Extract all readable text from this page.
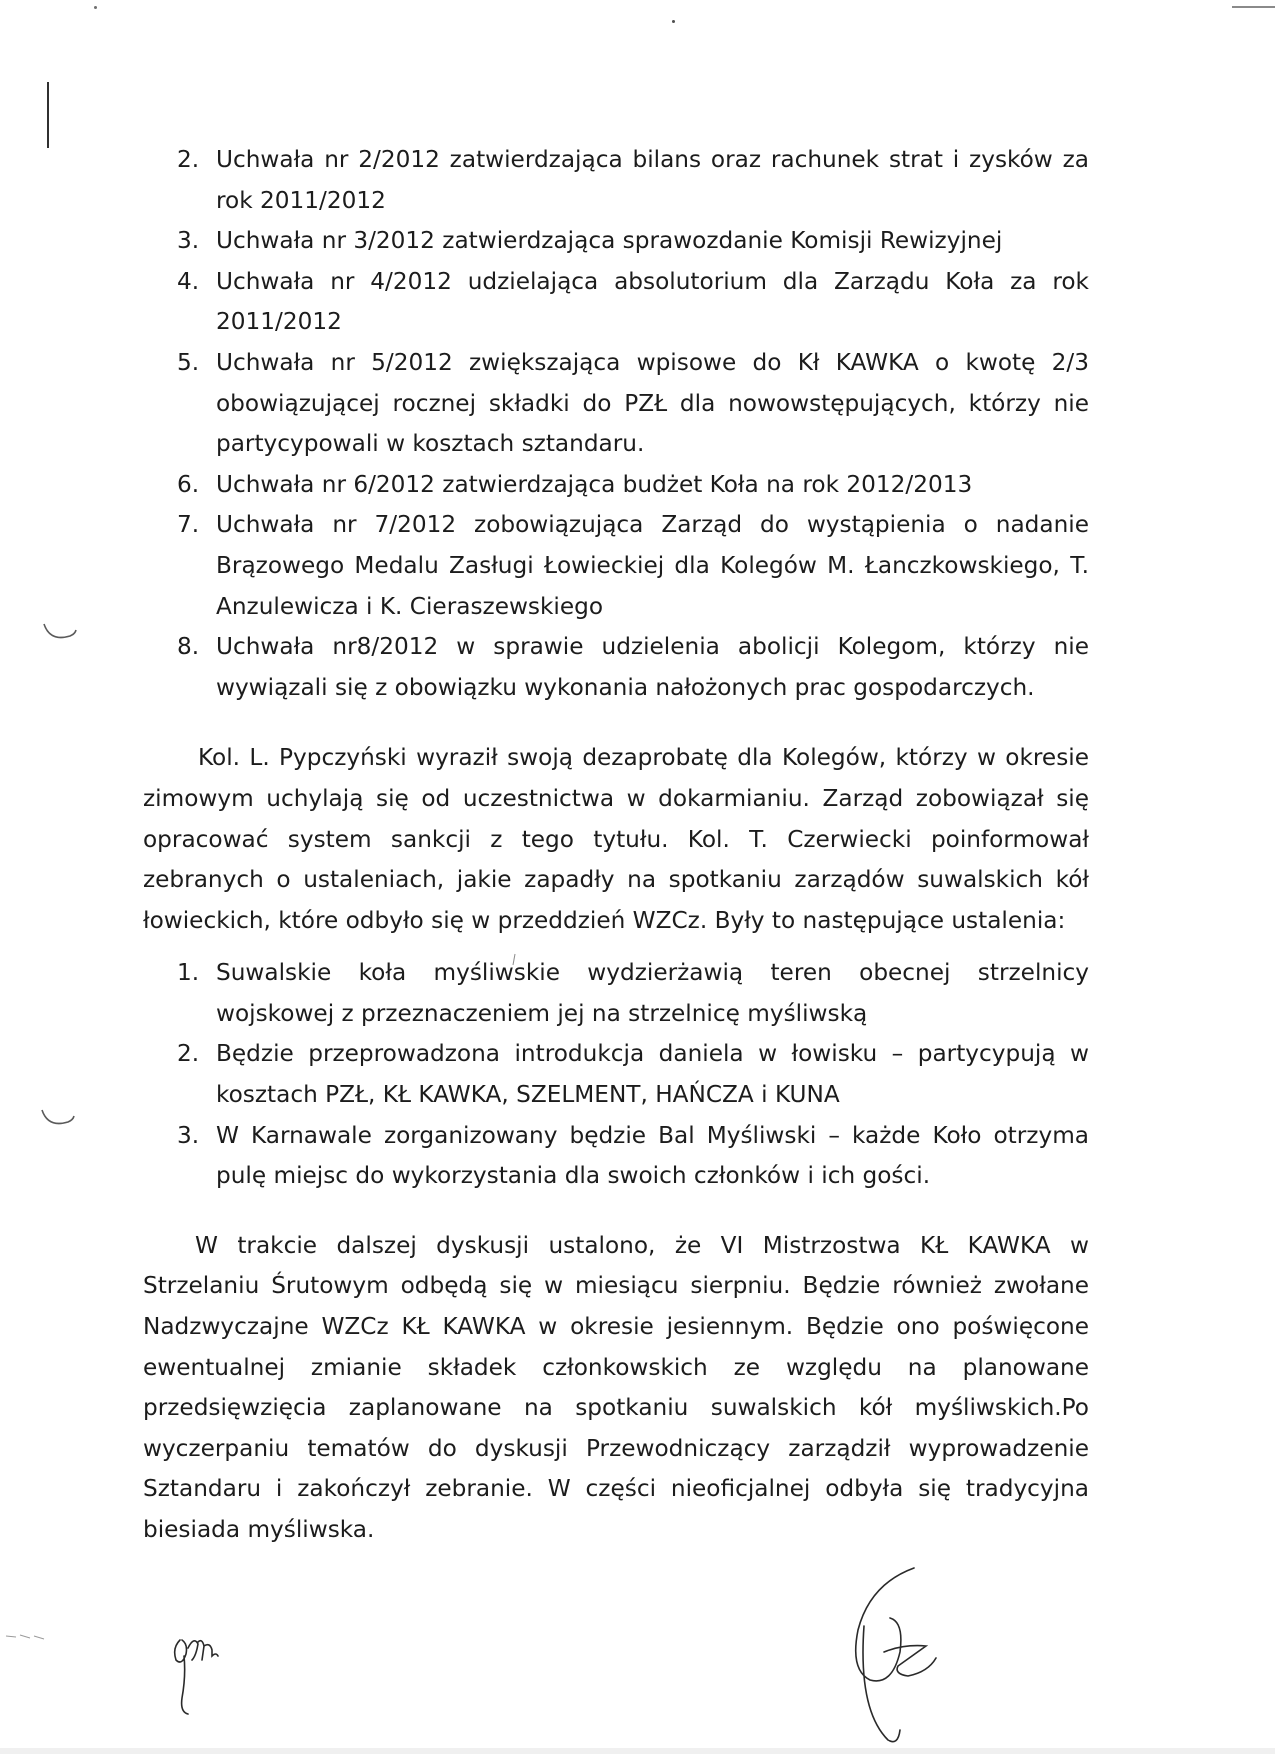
2. Uchwała nr 2/2012 zatwierdzająca bilans oraz rachunek strat i zysków za rok 2011/2012
3. Uchwała nr 3/2012 zatwierdzająca sprawozdanie Komisji Rewizyjnej
4. Uchwała nr 4/2012 udzielająca absolutorium dla Zarządu Koła za rok 2011/2012
5. Uchwała nr 5/2012 zwiększająca wpisowe do Kł KAWKA o kwotę 2/3 obowiązującej rocznej składki do PZŁ dla nowowstępujących, którzy nie partycypowali w kosztach sztandaru.
6. Uchwała nr 6/2012 zatwierdzająca budżet Koła na rok 2012/2013
7. Uchwała nr 7/2012 zobowiązująca Zarząd do wystąpienia o nadanie Brązowego Medalu Zasługi Łowieckiej dla Kolegów M. Łanczkowskiego, T. Anzulewicza i K. Cieraszewskiego
8. Uchwała nr8/2012 w sprawie udzielenia abolicji Kolegom, którzy nie wywiązali się z obowiązku wykonania nałożonych prac gospodarczych.

Kol. L. Pypczyński wyraził swoją dezaprobatę dla Kolegów, którzy w okresie zimowym uchylają się od uczestnictwa w dokarmianiu. Zarząd zobowiązał się opracować system sankcji z tego tytułu. Kol. T. Czerwiecki poinformował zebranych o ustaleniach, jakie zapadły na spotkaniu zarządów suwalskich kół łowieckich, które odbyło się w przeddzień WZCz. Były to następujące ustalenia:

1. Suwalskie koła myśliwskie wydzierżawią teren obecnej strzelnicy wojskowej z przeznaczeniem jej na strzelnicę myśliwską
2. Będzie przeprowadzona introdukcja daniela w łowisku – partycypują w kosztach PZŁ, KŁ KAWKA, SZELMENT, HAŃCZA i KUNA
3. W Karnawale zorganizowany będzie Bal Myśliwski – każde Koło otrzyma pulę miejsc do wykorzystania dla swoich członków i ich gości.

W trakcie dalszej dyskusji ustalono, że VI Mistrzostwa KŁ KAWKA w Strzelaniu Śrutowym odbędą się w miesiącu sierpniu. Będzie również zwołane Nadzwyczajne WZCz KŁ KAWKA w okresie jesiennym. Będzie ono poświęcone ewentualnej zmianie składek członkowskich ze względu na planowane przedsięwzięcia zaplanowane na spotkaniu suwalskich kół myśliwskich.Po wyczerpaniu tematów do dyskusji Przewodniczący zarządził wyprowadzenie Sztandaru i zakończył zebranie. W części nieoficjalnej odbyła się tradycyjna biesiada myśliwska.
